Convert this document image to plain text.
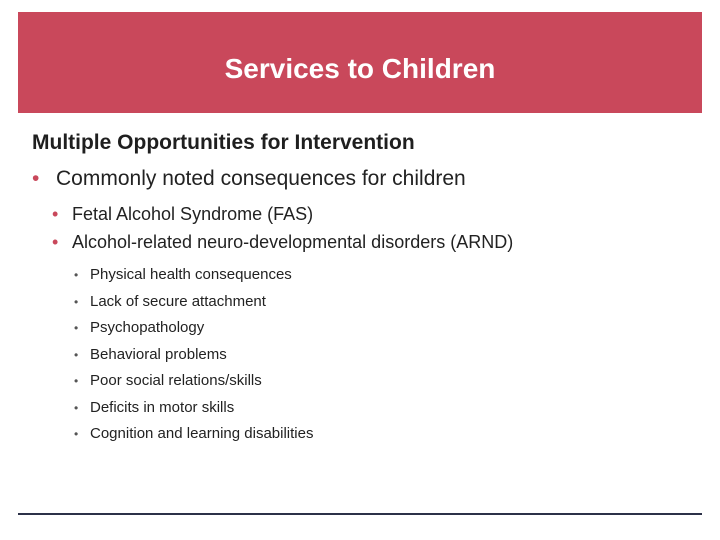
Services to Children
Multiple Opportunities for Intervention
• Commonly noted consequences for children
• Fetal Alcohol Syndrome (FAS)
• Alcohol-related neuro-developmental disorders (ARND)
• Physical health consequences
• Lack of secure attachment
• Psychopathology
• Behavioral problems
• Poor social relations/skills
• Deficits in motor skills
• Cognition and learning disabilities
